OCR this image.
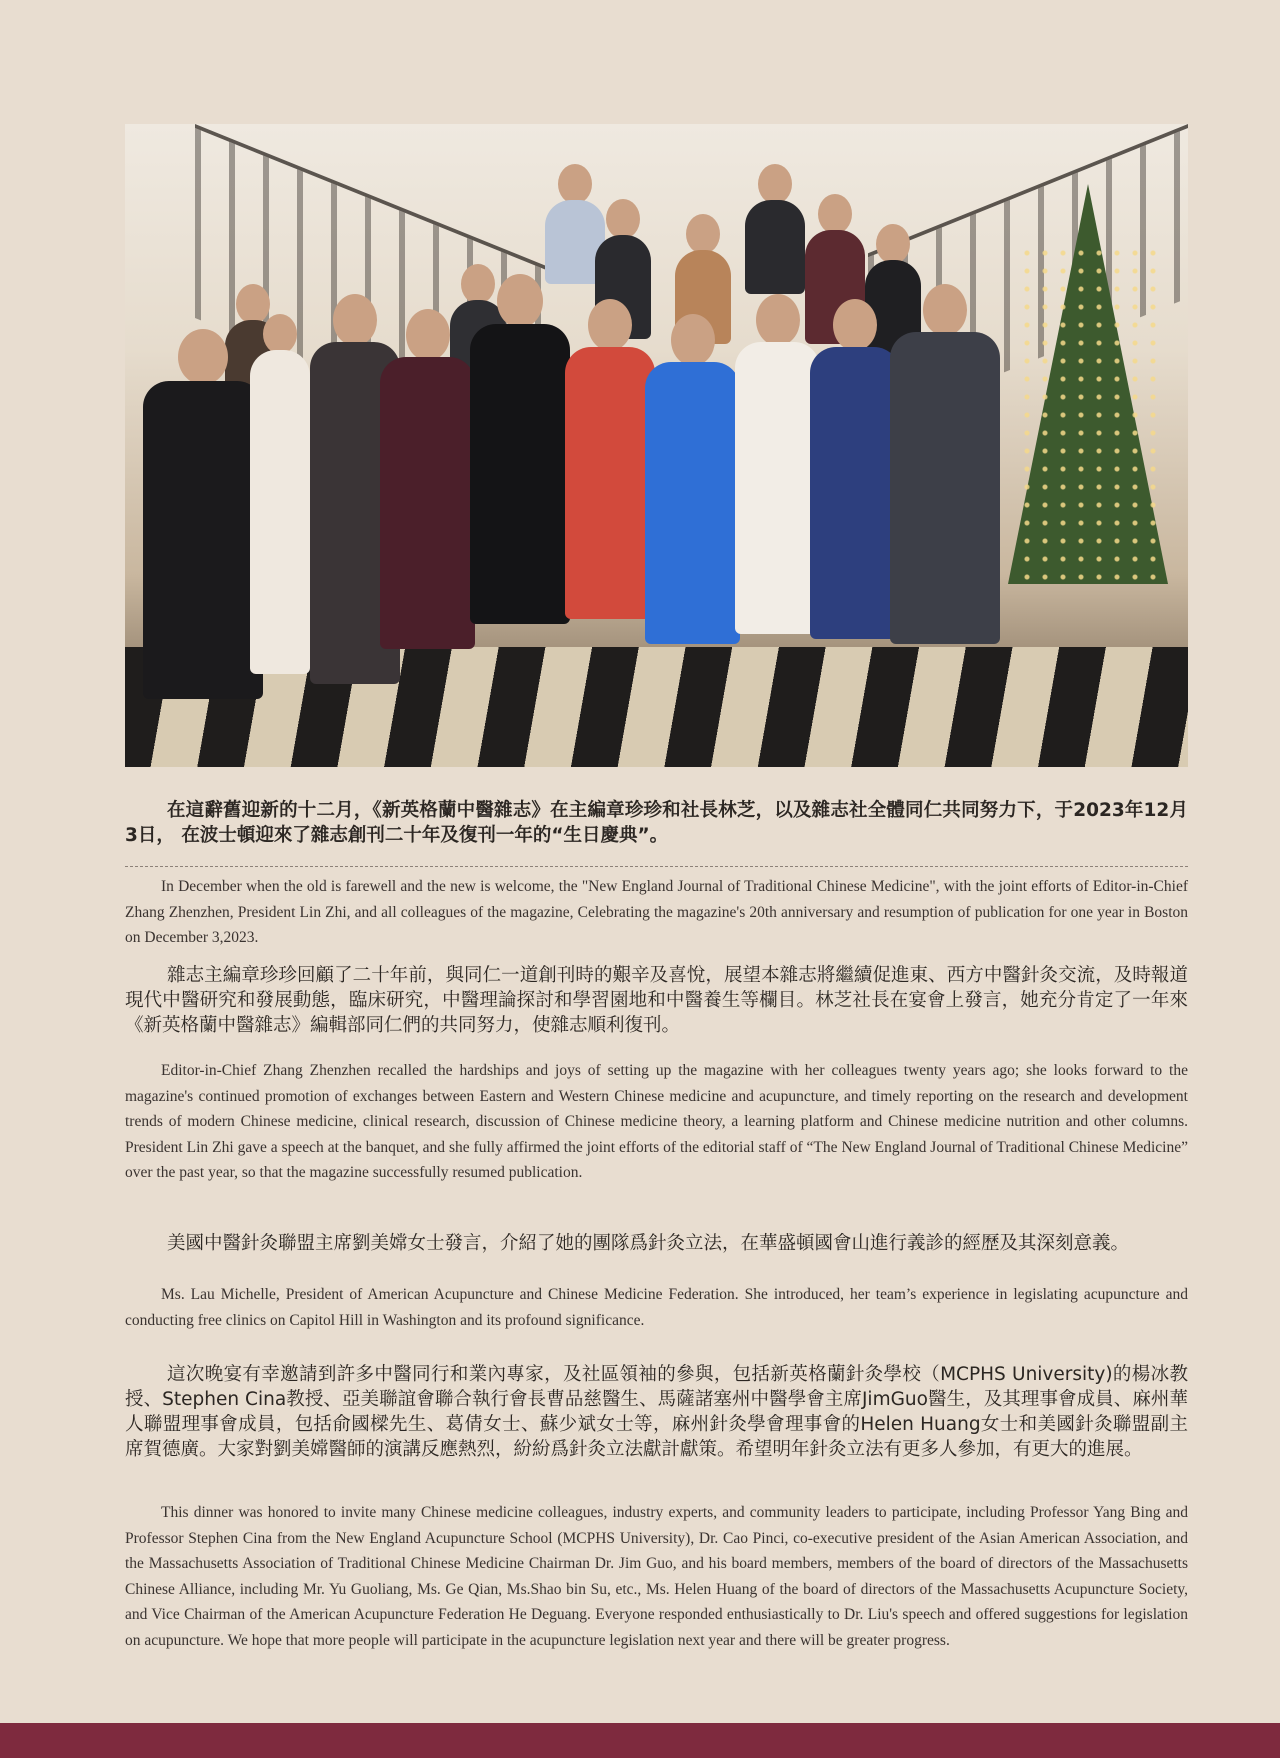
在這辭舊迎新的十二月，《新英格蘭中醫雜志》在主編章珍珍和社長林芝，以及雜志社全體同仁共同努力下，于2023年12月3日， 在波士頓迎來了雜志創刊二十年及復刊一年的“生日慶典”。

In December when the old is farewell and the new is welcome, the "New England Journal of Traditional Chinese Medicine", with the joint efforts of Editor-in-Chief Zhang Zhenzhen, President Lin Zhi, and all colleagues of the magazine, Celebrating the magazine's 20th anniversary and resumption of publication for one year in Boston on December 3,2023.

雜志主編章珍珍回顧了二十年前，與同仁一道創刊時的艱辛及喜悅，展望本雜志將繼續促進東、西方中醫針灸交流，及時報道現代中醫研究和發展動態，臨床研究，中醫理論探討和學習園地和中醫養生等欄目。林芝社長在宴會上發言，她充分肯定了一年來《新英格蘭中醫雜志》編輯部同仁們的共同努力，使雜志順利復刊。

Editor-in-Chief Zhang Zhenzhen recalled the hardships and joys of setting up the magazine with her colleagues twenty years ago; she looks forward to the magazine's continued promotion of exchanges between Eastern and Western Chinese medicine and acupuncture, and timely reporting on the research and development trends of modern Chinese medicine, clinical research, discussion of Chinese medicine theory, a learning platform and Chinese medicine nutrition and other columns. President Lin Zhi gave a speech at the banquet, and she fully affirmed the joint efforts of the editorial staff of “The New England Journal of Traditional Chinese Medicine” over the past year, so that the magazine successfully resumed publication.

美國中醫針灸聯盟主席劉美嫦女士發言，介紹了她的團隊爲針灸立法，在華盛頓國會山進行義診的經歷及其深刻意義。

Ms. Lau Michelle, President of American Acupuncture and Chinese Medicine Federation. She introduced, her team’s experience in legislating acupuncture and conducting free clinics on Capitol Hill in Washington and its profound significance.

這次晚宴有幸邀請到許多中醫同行和業內專家，及社區領袖的參與，包括新英格蘭針灸學校（MCPHS University)的楊冰教授、Stephen Cina教授、亞美聯誼會聯合執行會長曹品慈醫生、馬薩諸塞州中醫學會主席JimGuo醫生，及其理事會成員、麻州華人聯盟理事會成員，包括俞國樑先生、葛倩女士、蘇少斌女士等，麻州針灸學會理事會的Helen Huang女士和美國針灸聯盟副主席賀德廣。大家對劉美嫦醫師的演講反應熱烈，紛紛爲針灸立法獻計獻策。希望明年針灸立法有更多人參加，有更大的進展。

This dinner was honored to invite many Chinese medicine colleagues, industry experts, and community leaders to participate, including Professor Yang Bing and Professor Stephen Cina from the New England Acupuncture School (MCPHS University), Dr. Cao Pinci, co-executive president of the Asian American Association, and the Massachusetts Association of Traditional Chinese Medicine Chairman Dr. Jim Guo, and his board members, members of the board of directors of the Massachusetts Chinese Alliance, including Mr. Yu Guoliang, Ms. Ge Qian, Ms.Shao bin Su, etc., Ms. Helen Huang of the board of directors of the Massachusetts Acupuncture Society, and Vice Chairman of the American Acupuncture Federation He Deguang. Everyone responded enthusiastically to Dr. Liu's speech and offered suggestions for legislation on acupuncture. We hope that more people will participate in the acupuncture legislation next year and there will be greater progress.
